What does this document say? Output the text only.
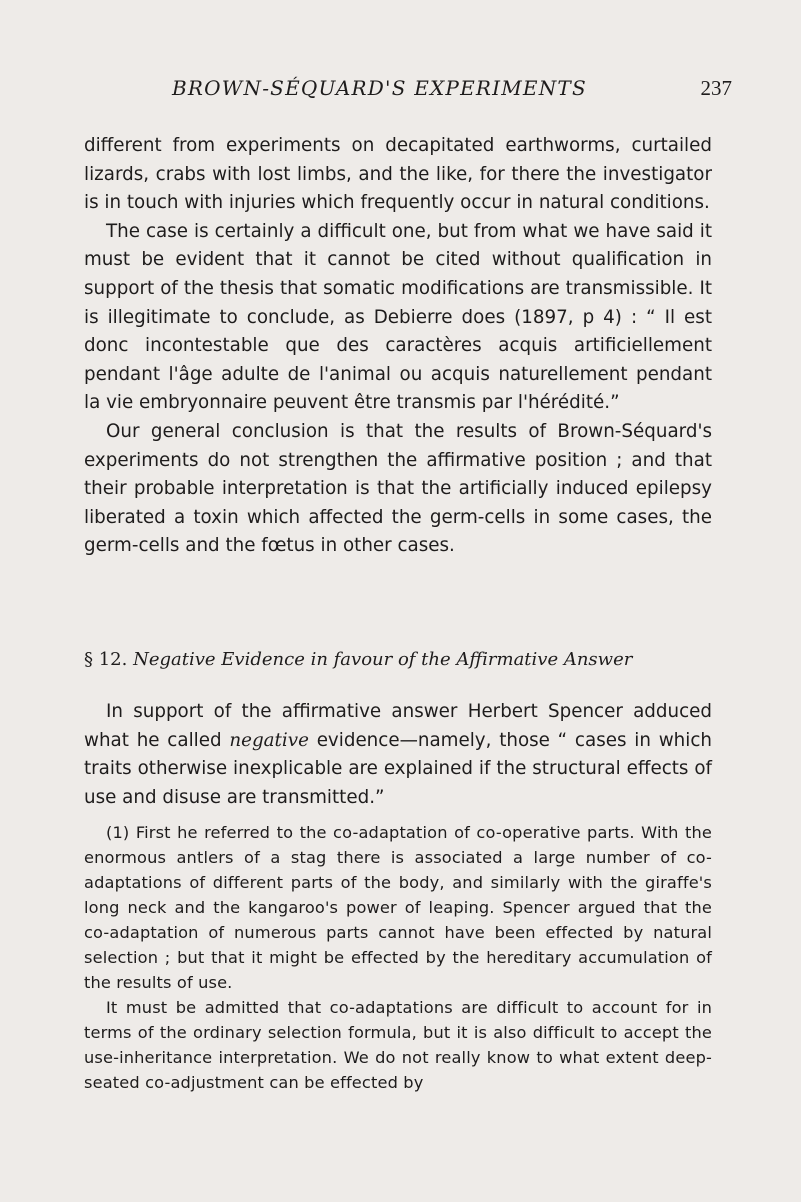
BROWN-SÉQUARD'S EXPERIMENTS	237

different from experiments on decapitated earthworms, curtailed lizards, crabs with lost limbs, and the like, for there the investigator is in touch with injuries which frequently occur in natural conditions.

The case is certainly a difficult one, but from what we have said it must be evident that it cannot be cited without qualification in support of the thesis that somatic modifications are transmissible. It is illegitimate to conclude, as Debierre does (1897, p 4) : “ Il est donc incontestable que des caractères acquis artificiellement pendant l'âge adulte de l'animal ou acquis naturellement pendant la vie embryonnaire peuvent être transmis par l'hérédité.”

Our general conclusion is that the results of Brown-Séquard's experiments do not strengthen the affirmative position ; and that their probable interpretation is that the artificially induced epilepsy liberated a toxin which affected the germ-cells in some cases, the germ-cells and the fœtus in other cases.

§ 12. Negative Evidence in favour of the Affirmative Answer

In support of the affirmative answer Herbert Spencer adduced what he called negative evidence—namely, those “ cases in which traits otherwise inexplicable are explained if the structural effects of use and disuse are transmitted.”

(1) First he referred to the co-adaptation of co-operative parts. With the enormous antlers of a stag there is associated a large number of co-adaptations of different parts of the body, and similarly with the giraffe's long neck and the kangaroo's power of leaping. Spencer argued that the co-adaptation of numerous parts cannot have been effected by natural selection ; but that it might be effected by the hereditary accumulation of the results of use.

It must be admitted that co-adaptations are difficult to account for in terms of the ordinary selection formula, but it is also difficult to accept the use-inheritance interpretation. We do not really know to what extent deep-seated co-adjustment can be effected by
